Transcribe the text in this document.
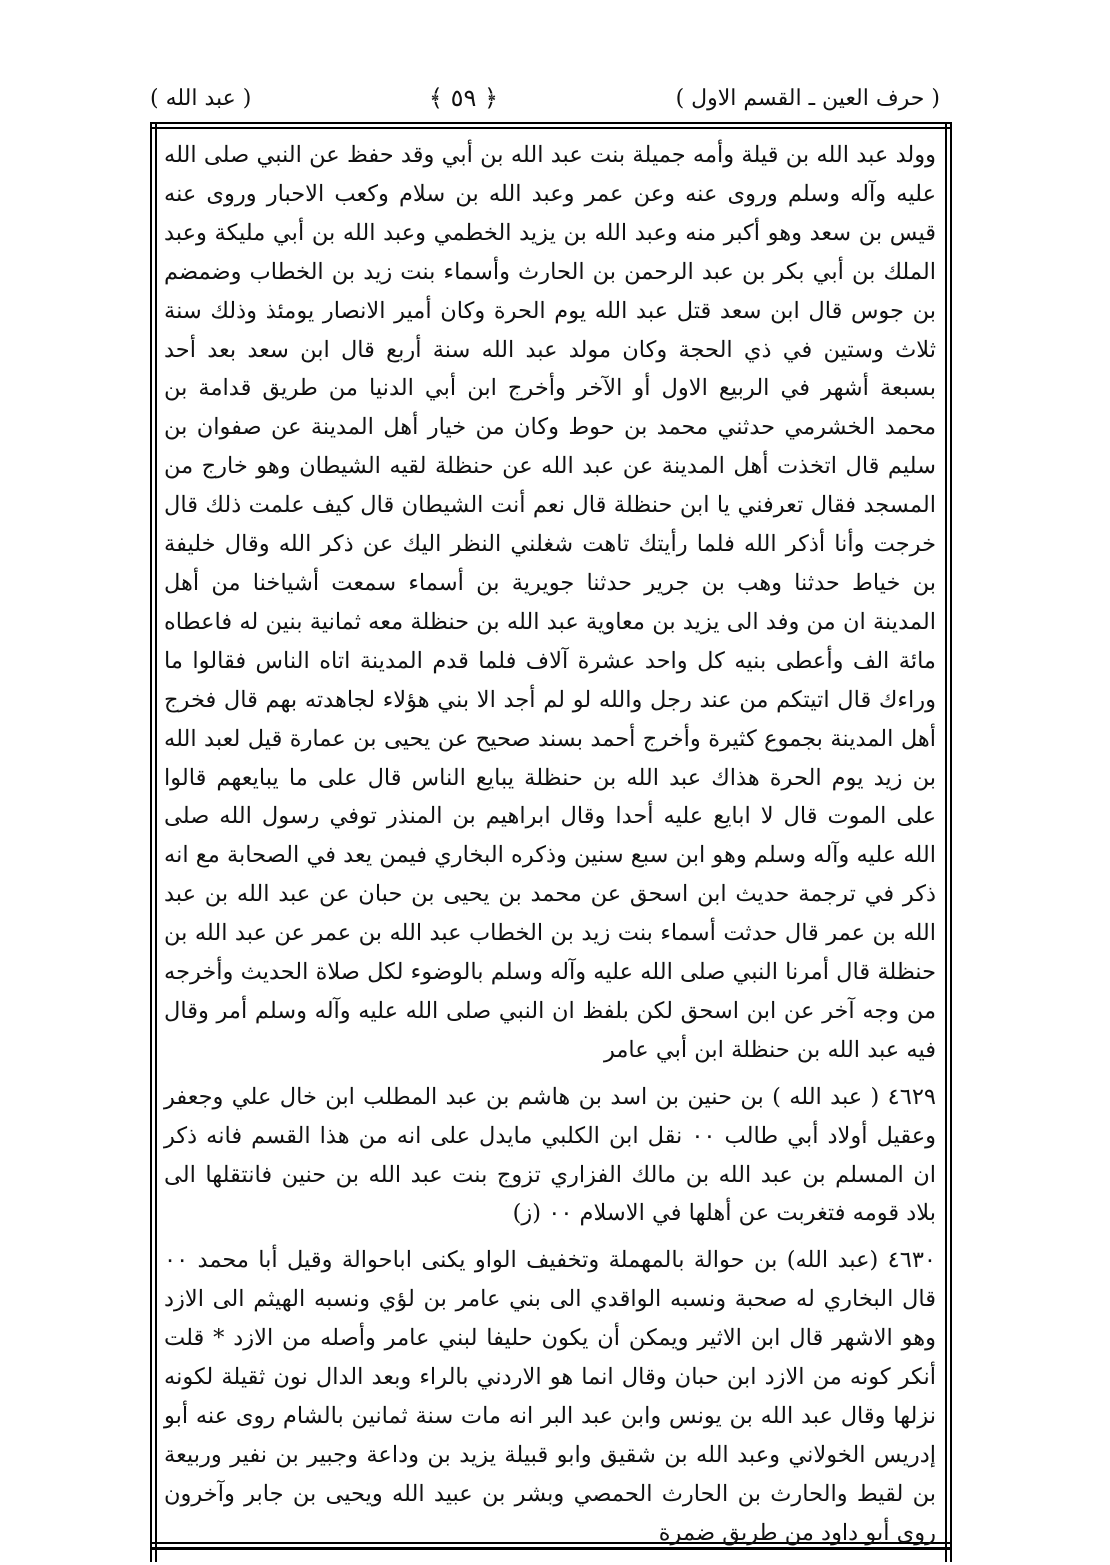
( حرف العين ـ القسم الاول )
﴿ ٥٩ ﴾
( عبد الله )

وولد عبد الله بن قيلة وأمه جميلة بنت عبد الله بن أبي وقد حفظ عن النبي صلى الله عليه وآله وسلم وروى عنه وعن عمر وعبد الله بن سلام وكعب الاحبار وروى عنه قيس بن سعد وهو أكبر منه وعبد الله بن يزيد الخطمي وعبد الله بن أبي مليكة وعبد الملك بن أبي بكر بن عبد الرحمن بن الحارث وأسماء بنت زيد بن الخطاب وضمضم بن جوس قال ابن سعد قتل عبد الله يوم الحرة وكان أمير الانصار يومئذ وذلك سنة ثلاث وستين في ذي الحجة وكان مولد عبد الله سنة أربع قال ابن سعد بعد أحد بسبعة أشهر في الربيع الاول أو الآخر وأخرج ابن أبي الدنيا من طريق قدامة بن محمد الخشرمي حدثني محمد بن حوط وكان من خيار أهل المدينة عن صفوان بن سليم قال اتخذت أهل المدينة عن عبد الله عن حنظلة لقيه الشيطان وهو خارج من المسجد فقال تعرفني يا ابن حنظلة قال نعم أنت الشيطان قال كيف علمت ذلك قال خرجت وأنا أذكر الله فلما رأيتك تاهت شغلني النظر اليك عن ذكر الله وقال خليفة بن خياط حدثنا وهب بن جرير حدثنا جويرية بن أسماء سمعت أشياخنا من أهل المدينة ان من وفد الى يزيد بن معاوية عبد الله بن حنظلة معه ثمانية بنين له فاعطاه مائة الف وأعطى بنيه كل واحد عشرة آلاف فلما قدم المدينة اتاه الناس فقالوا ما وراءك قال اتيتكم من عند رجل والله لو لم أجد الا بني هؤلاء لجاهدته بهم قال فخرج أهل المدينة بجموع كثيرة وأخرج أحمد بسند صحيح عن يحيى بن عمارة قيل لعبد الله بن زيد يوم الحرة هذاك عبد الله بن حنظلة يبايع الناس قال على ما يبايعهم قالوا على الموت قال لا ابايع عليه أحدا وقال ابراهيم بن المنذر توفي رسول الله صلى الله عليه وآله وسلم وهو ابن سبع سنين وذكره البخاري فيمن يعد في الصحابة مع انه ذكر في ترجمة حديث ابن اسحق عن محمد بن يحيى بن حبان عن عبد الله بن عبد الله بن عمر قال حدثت أسماء بنت زيد بن الخطاب عبد الله بن عمر عن عبد الله بن حنظلة قال أمرنا النبي صلى الله عليه وآله وسلم بالوضوء لكل صلاة الحديث وأخرجه من وجه آخر عن ابن اسحق لكن بلفظ ان النبي صلى الله عليه وآله وسلم أمر وقال فيه عبد الله بن حنظلة ابن أبي عامر

٤٦٢٩ ( عبد الله ) بن حنين بن اسد بن هاشم بن عبد المطلب ابن خال علي وجعفر وعقيل أولاد أبي طالب ٠٠ نقل ابن الكلبي مايدل على انه من هذا القسم فانه ذكر ان المسلم بن عبد الله بن مالك الفزاري تزوج بنت عبد الله بن حنين فانتقلها الى بلاد قومه فتغربت عن أهلها في الاسلام ٠٠ (ز)

٤٦٣٠ (عبد الله) بن حوالة بالمهملة وتخفيف الواو يكنى اباحوالة وقيل أبا محمد ٠٠ قال البخاري له صحبة ونسبه الواقدي الى بني عامر بن لؤي ونسبه الهيثم الى الازد وهو الاشهر قال ابن الاثير ويمكن أن يكون حليفا لبني عامر وأصله من الازد * قلت أنكر كونه من الازد ابن حبان وقال انما هو الاردني بالراء وبعد الدال نون ثقيلة لكونه نزلها وقال عبد الله بن يونس وابن عبد البر انه مات سنة ثمانين بالشام روى عنه أبو إدريس الخولاني وعبد الله بن شقيق وابو قبيلة يزيد بن وداعة وجبير بن نفير وربيعة بن لقيط والحارث بن الحارث الحمصي وبشر بن عبيد الله ويحيى بن جابر وآخرون روى أبو داود من طريق ضمرة
